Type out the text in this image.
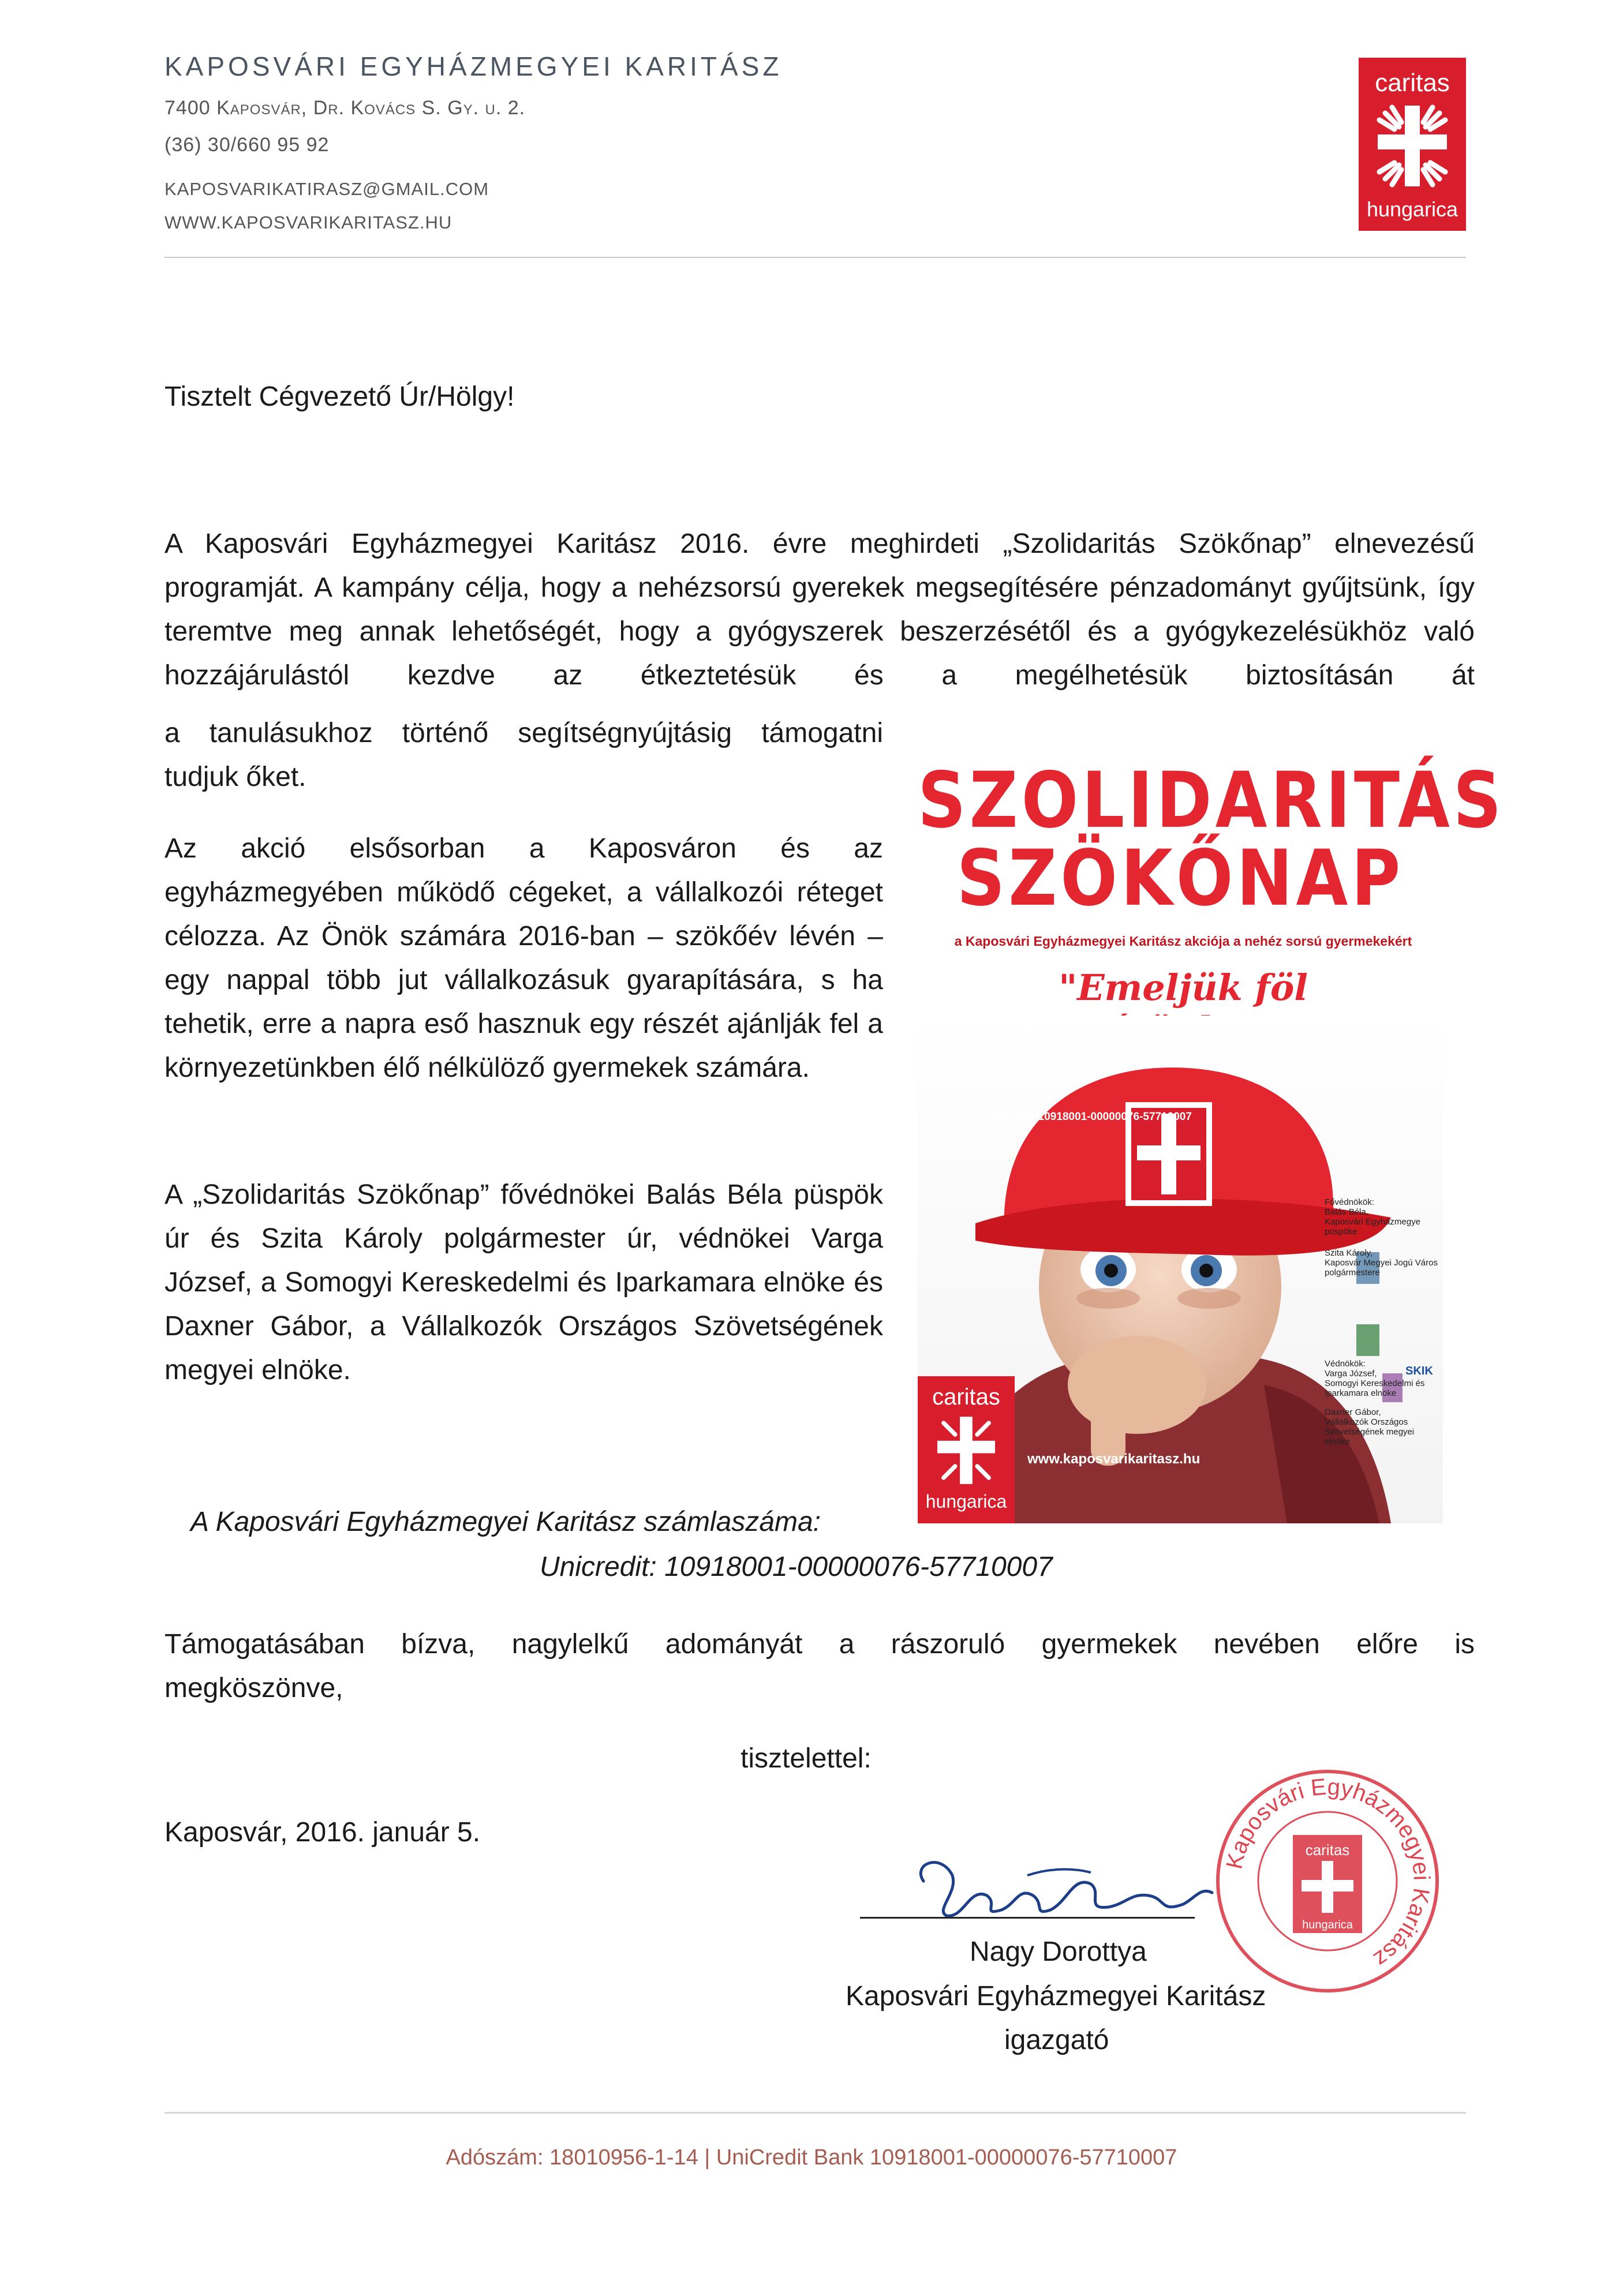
KAPOSVÁRI EGYHÁZMEGYEI KARITÁSZ
7400 Kaposvár, Dr. Kovács S. Gy. u. 2.
(36) 30/660 95 92
KAPOSVARIKATIRASZ@GMAIL.COM
WWW.KAPOSVARIKARITASZ.HU
caritas
hungarica
Tisztelt Cégvezető Úr/Hölgy!
A Kaposvári Egyházmegyei Karitász 2016. évre meghirdeti „Szolidaritás Szökőnap” elnevezésű programját. A kampány célja, hogy a nehézsorsú gyerekek megsegítésére pénzadományt gyűjtsünk, így teremtve meg annak lehetőségét, hogy a gyógyszerek beszerzésétől és a gyógykezelésükhöz való hozzájárulástól kezdve az étkeztetésük és a megélhetésük biztosításán át
a tanulásukhoz történő segítségnyújtásig támogatni
tudjuk őket.
Az akció elsősorban a Kaposváron és az egyházmegyében működő cégeket, a vállalkozói réteget célozza. Az Önök számára 2016-ban – szökőév lévén – egy nappal több jut vállalkozásuk gyarapítására, s ha tehetik, erre a napra eső hasznuk egy részét ajánlják fel a környezetünkben élő nélkülöző gyermekek számára.
A „Szolidaritás Szökőnap” fővédnökei Balás Béla püspök úr és Szita Károly polgármester úr, védnökei Varga József, a Somogyi Kereskedelmi és Iparkamara elnöke és Daxner Gábor, a Vállalkozók Országos Szövetségének megyei elnöke.
SZOLIDARITÁS
SZÖKŐNAP
a Kaposvári Egyházmegyei Karitász akciója a nehéz sorsú gyermekekért
"Emeljük föl
Unicredit:10918001-00000076-57710007
Fővédnökök:
Balás Béla,
Kaposvári Egyházmegye
püspöke
Szita Károly,
Kaposvár Megyei Jogú Város
polgármestere
Védnökök:
Varga József,
Somogyi Kereskedelmi és
Iparkamara elnöke
Daxner Gábor,
Vállalkozók Országos
Szövetségének megyei elnöke
SKIK
www.kaposvarikaritasz.hu
caritas
hungarica
A Kaposvári Egyházmegyei Karitász számlaszáma:
Unicredit: 10918001-00000076-57710007
Támogatásában bízva, nagylelkű adományát a rászoruló gyermekek nevében előre is
megköszönve,
tisztelettel:
Kaposvár, 2016. január 5.
Nagy Dorottya
Kaposvári Egyházmegyei Karitász
igazgató
Kaposvári Egyházmegyei Karitász
caritas
hungarica
Adószám: 18010956-1-14 | UniCredit Bank 10918001-00000076-57710007
